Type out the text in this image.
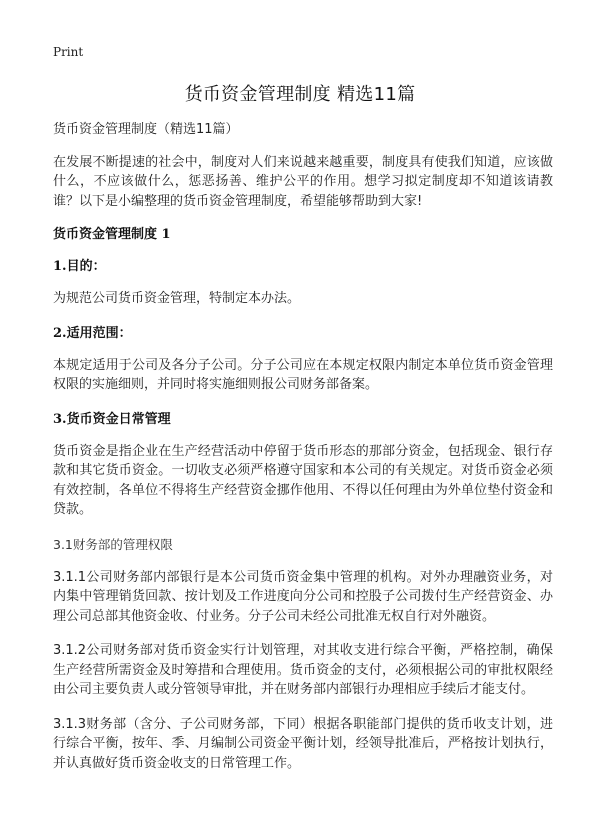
Print
货币资金管理制度 精选11篇

货币资金管理制度（精选11篇）

在发展不断提速的社会中，制度对人们来说越来越重要，制度具有使我们知道，应该做什么，不应该做什么，惩恶扬善、维护公平的作用。想学习拟定制度却不知道该请教谁？以下是小编整理的货币资金管理制度，希望能够帮助到大家!

货币资金管理制度 1

1.目的：

为规范公司货币资金管理，特制定本办法。

2.适用范围：

本规定适用于公司及各分子公司。分子公司应在本规定权限内制定本单位货币资金管理权限的实施细则，并同时将实施细则报公司财务部备案。

3.货币资金日常管理

货币资金是指企业在生产经营活动中停留于货币形态的那部分资金，包括现金、银行存款和其它货币资金。一切收支必须严格遵守国家和本公司的有关规定。对货币资金必须有效控制，各单位不得将生产经营资金挪作他用、不得以任何理由为外单位垫付资金和贷款。

3.1财务部的管理权限

3.1.1公司财务部内部银行是本公司货币资金集中管理的机构。对外办理融资业务，对内集中管理销货回款、按计划及工作进度向分公司和控股子公司拨付生产经营资金、办理公司总部其他资金收、付业务。分子公司未经公司批准无权自行对外融资。

3.1.2公司财务部对货币资金实行计划管理，对其收支进行综合平衡，严格控制，确保生产经营所需资金及时筹措和合理使用。货币资金的支付，必须根据公司的审批权限经由公司主要负责人或分管领导审批，并在财务部内部银行办理相应手续后才能支付。

3.1.3财务部（含分、子公司财务部，下同）根据各职能部门提供的货币收支计划，进行综合平衡，按年、季、月编制公司资金平衡计划，经领导批准后，严格按计划执行，并认真做好货币资金收支的日常管理工作。
